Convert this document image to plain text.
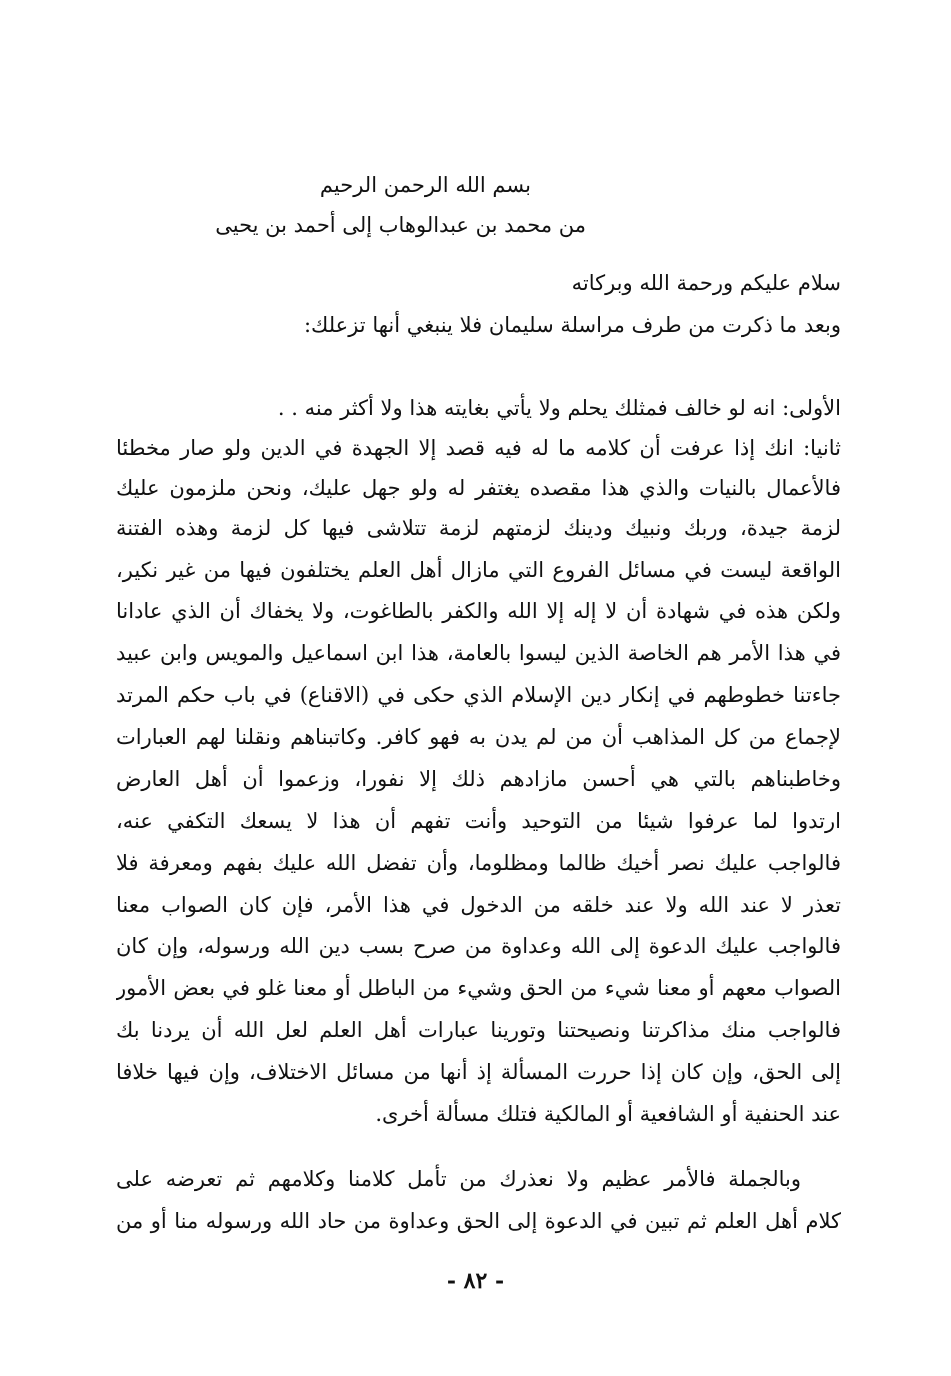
بسم الله الرحمن الرحيم
من محمد بن عبدالوهاب إلى أحمد بن يحيى
سلام عليكم ورحمة الله وبركاته
وبعد ما ذكرت من طرف مراسلة سليمان فلا ينبغي أنها تزعلك:
الأولى: انه لو خالف فمثلك يحلم ولا يأتي بغايته هذا ولا أكثر منه . .
ثانيا: انك إذا عرفت أن كلامه ما له فيه قصد إلا الجهدة في الدين ولو صار مخطئا
فالأعمال بالنيات والذي هذا مقصده يغتفر له ولو جهل عليك، ونحن ملزمون عليك
لزمة جيدة، وربك ونبيك ودينك لزمتهم لزمة تتلاشى فيها كل لزمة وهذه الفتنة
الواقعة ليست في مسائل الفروع التي مازال أهل العلم يختلفون فيها من غير نكير،
ولكن هذه في شهادة أن لا إله إلا الله والكفر بالطاغوت، ولا يخفاك أن الذي عادانا
في هذا الأمر هم الخاصة الذين ليسوا بالعامة، هذا ابن اسماعيل والمويس وابن عبيد
جاءتنا خطوطهم في إنكار دين الإسلام الذي حكى في (الاقناع) في باب حكم المرتد
لإجماع من كل المذاهب أن من لم يدن به فهو كافر. وكاتبناهم ونقلنا لهم العبارات
وخاطبناهم بالتي هي أحسن مازادهم ذلك إلا نفورا، وزعموا أن أهل العارض
ارتدوا لما عرفوا شيئا من التوحيد وأنت تفهم أن هذا لا يسعك التكفي عنه،
فالواجب عليك نصر أخيك ظالما ومظلوما، وأن تفضل الله عليك بفهم ومعرفة فلا
تعذر لا عند الله ولا عند خلقه من الدخول في هذا الأمر، فإن كان الصواب معنا
فالواجب عليك الدعوة إلى الله وعداوة من صرح بسب دين الله ورسوله، وإن كان
الصواب معهم أو معنا شيء من الحق وشيء من الباطل أو معنا غلو في بعض الأمور
فالواجب منك مذاكرتنا ونصيحتنا وتورينا عبارات أهل العلم لعل الله أن يردنا بك
إلى الحق، وإن كان إذا حررت المسألة إذ أنها من مسائل الاختلاف، وإن فيها خلافا
عند الحنفية أو الشافعية أو المالكية فتلك مسألة أخرى.
وبالجملة فالأمر عظيم ولا نعذرك من تأمل كلامنا وكلامهم ثم تعرضه على
كلام أهل العلم ثم تبين في الدعوة إلى الحق وعداوة من حاد الله ورسوله منا أو من
- ٨٢ -
